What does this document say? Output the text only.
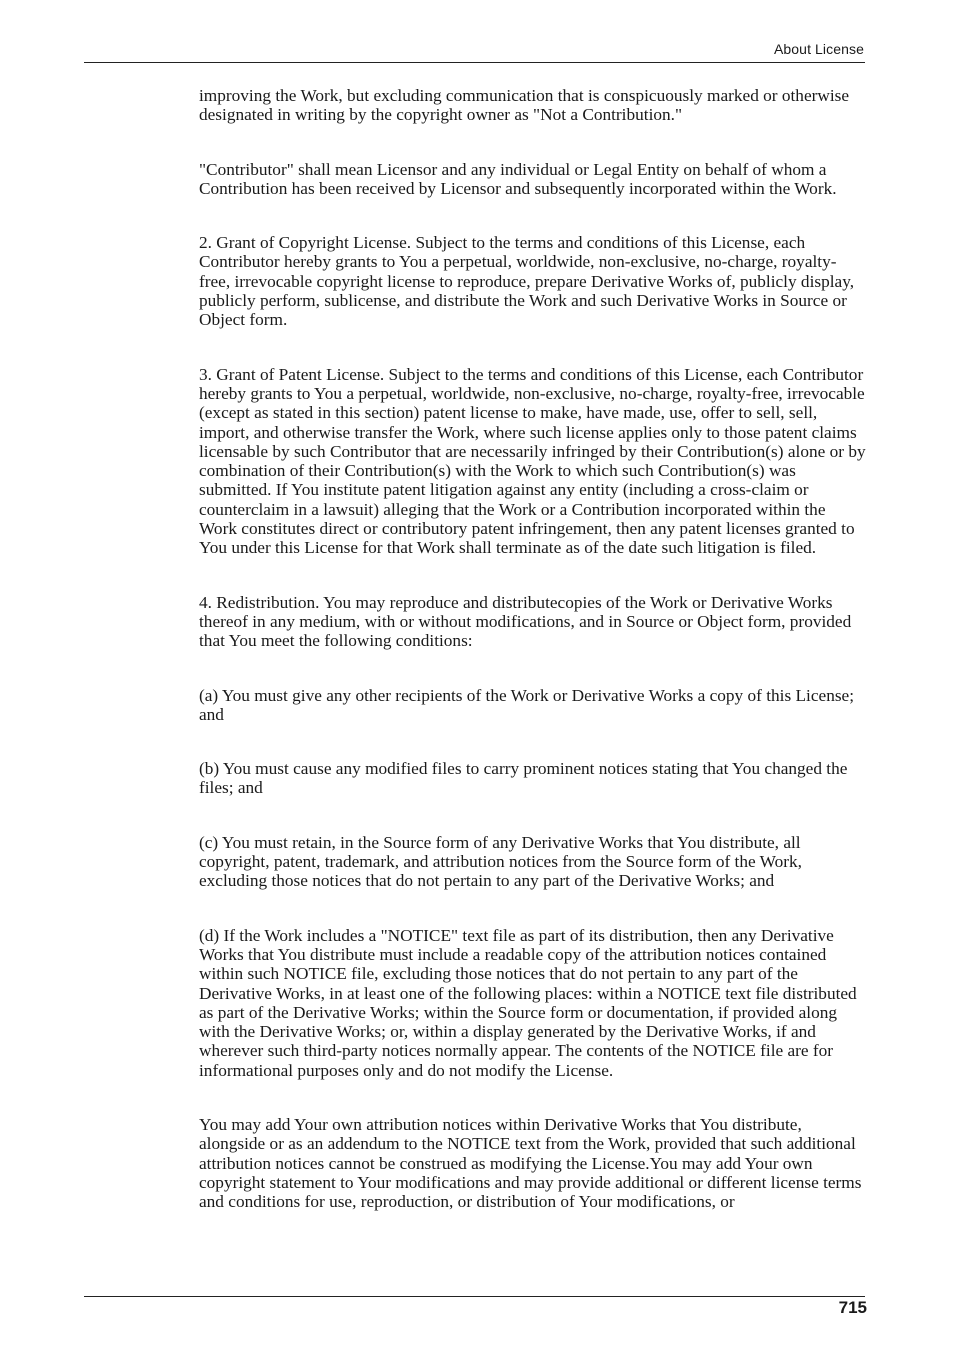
About License

improving the Work, but excluding communication that is conspicuously marked or otherwise designated in writing by the copyright owner as "Not a Contribution."

"Contributor" shall mean Licensor and any individual or Legal Entity on behalf of whom a Contribution has been received by Licensor and subsequently incorporated within the Work.

2. Grant of Copyright License. Subject to the terms and conditions of this License, each Contributor hereby grants to You a perpetual, worldwide, non-exclusive, no-charge, royalty-free, irrevocable copyright license to reproduce, prepare Derivative Works of, publicly display, publicly perform, sublicense, and distribute the Work and such Derivative Works in Source or Object form.

3. Grant of Patent License. Subject to the terms and conditions of this License, each Contributor hereby grants to You a perpetual, worldwide, non-exclusive, no-charge, royalty-free, irrevocable (except as stated in this section) patent license to make, have made, use, offer to sell, sell, import, and otherwise transfer the Work, where such license applies only to those patent claims licensable by such Contributor that are necessarily infringed by their Contribution(s) alone or by combination of their Contribution(s) with the Work to which such Contribution(s) was submitted. If You institute patent litigation against any entity (including a cross-claim or counterclaim in a lawsuit) alleging that the Work or a Contribution incorporated within the Work constitutes direct or contributory patent infringement, then any patent licenses granted to You under this License for that Work shall terminate as of the date such litigation is filed.

4. Redistribution. You may reproduce and distributecopies of the Work or Derivative Works thereof in any medium, with or without modifications, and in Source or Object form, provided that You meet the following conditions:

(a) You must give any other recipients of the Work or Derivative Works a copy of this License; and

(b) You must cause any modified files to carry prominent notices stating that You changed the files; and

(c) You must retain, in the Source form of any Derivative Works that You distribute, all copyright, patent, trademark, and attribution notices from the Source form of the Work, excluding those notices that do not pertain to any part of the Derivative Works; and

(d) If the Work includes a "NOTICE" text file as part of its distribution, then any Derivative Works that You distribute must include a readable copy of the attribution notices contained within such NOTICE file, excluding those notices that do not pertain to any part of the Derivative Works, in at least one of the following places: within a NOTICE text file distributed as part of the Derivative Works; within the Source form or documentation, if provided along with the Derivative Works; or, within a display generated by the Derivative Works, if and wherever such third-party notices normally appear. The contents of the NOTICE file are for informational purposes only and do not modify the License.

You may add Your own attribution notices within Derivative Works that You distribute, alongside or as an addendum to the NOTICE text from the Work, provided that such additional attribution notices cannot be construed as modifying the License.You may add Your own copyright statement to Your modifications and may provide additional or different license terms and conditions for use, reproduction, or distribution of Your modifications, or

715
